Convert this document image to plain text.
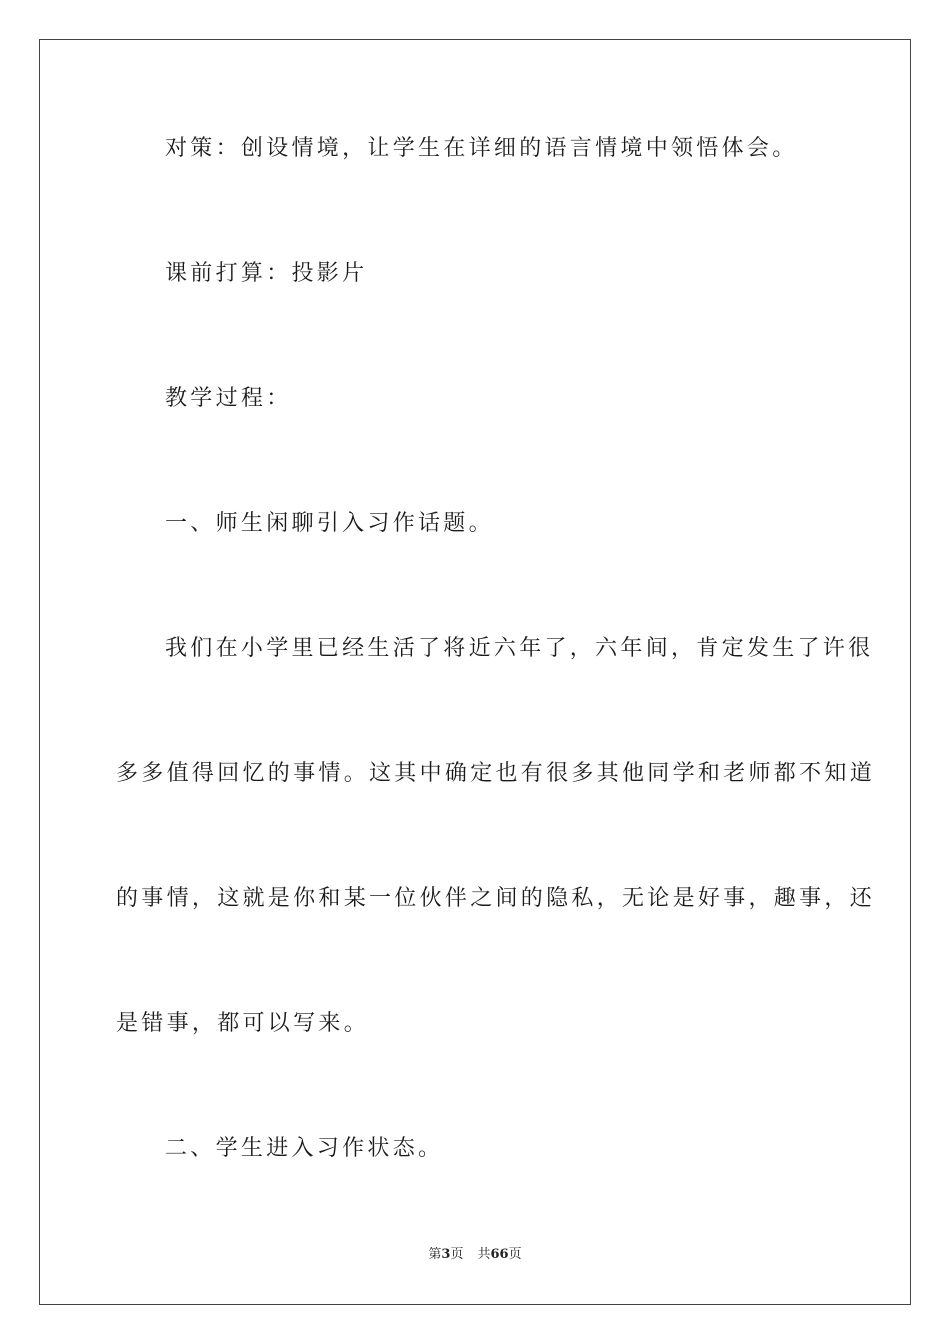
对策：创设情境，让学生在详细的语言情境中领悟体会。
课前打算：投影片
教学过程：
一、师生闲聊引入习作话题。
我们在小学里已经生活了将近六年了，六年间，肯定发生了许很
多多值得回忆的事情。这其中确定也有很多其他同学和老师都不知道
的事情，这就是你和某一位伙伴之间的隐私，无论是好事，趣事，还
是错事，都可以写来。
二、学生进入习作状态。
第3页 共66页
